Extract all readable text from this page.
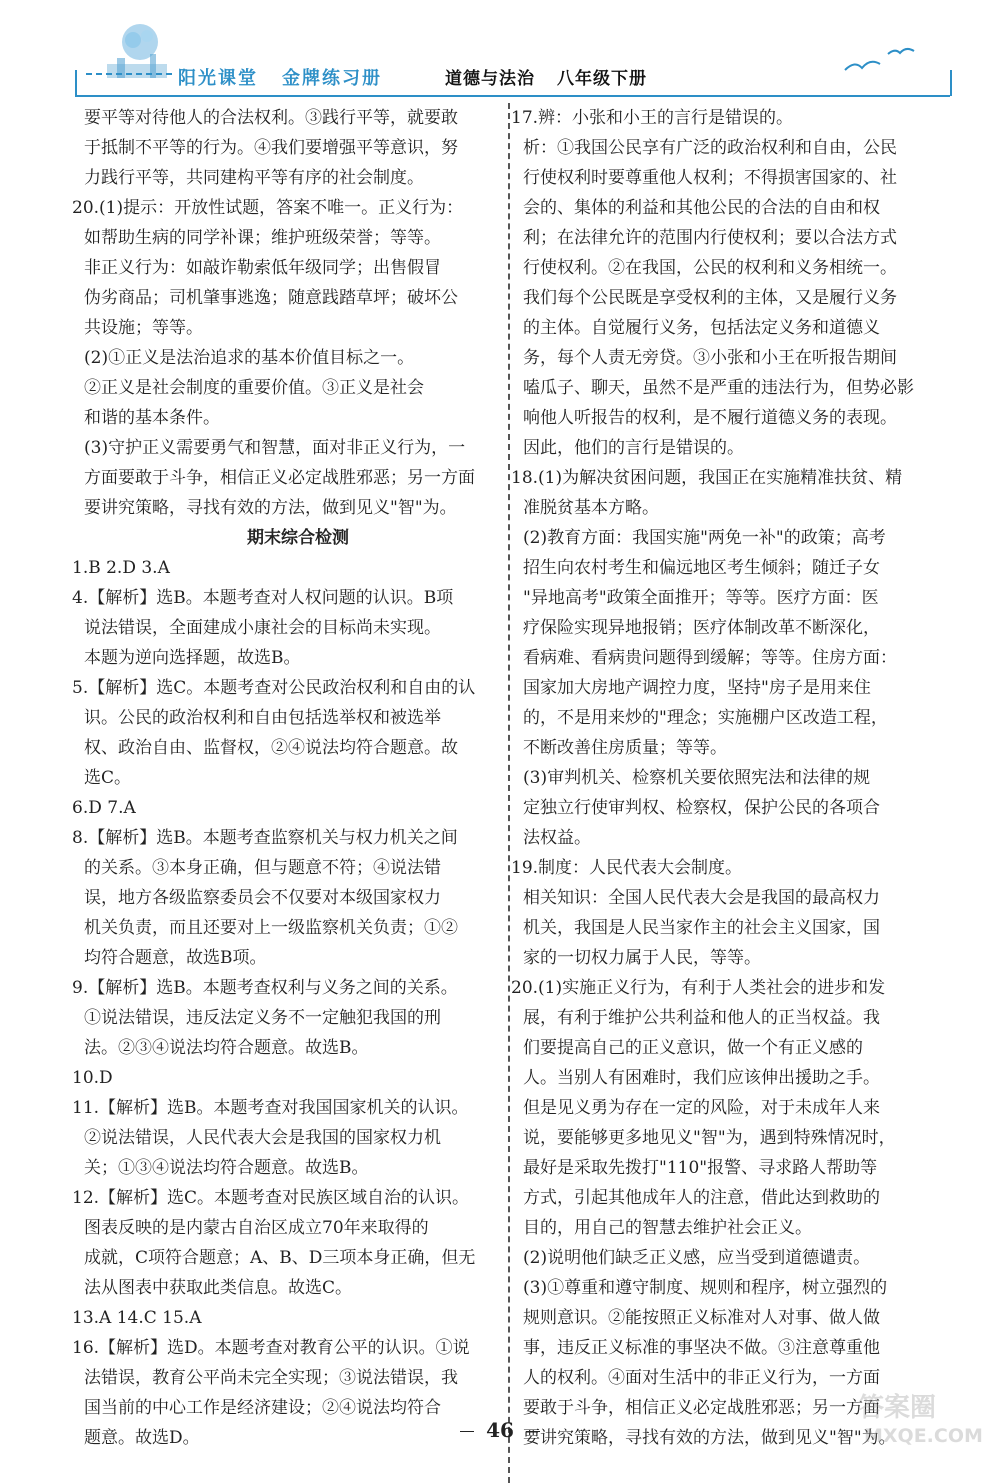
阳光课堂 金牌练习册	道德与法治 八年级下册
要平等对待他人的合法权利。③践行平等，就要敢
于抵制不平等的行为。④我们要增强平等意识，努
力践行平等，共同建构平等有序的社会制度。
20.(1)提示：开放性试题，答案不唯一。正义行为：
如帮助生病的同学补课；维护班级荣誉；等等。
非正义行为：如敲诈勒索低年级同学；出售假冒
伪劣商品；司机肇事逃逸；随意践踏草坪；破坏公
共设施；等等。
(2)①正义是法治追求的基本价值目标之一。
②正义是社会制度的重要价值。③正义是社会
和谐的基本条件。
(3)守护正义需要勇气和智慧，面对非正义行为，一
方面要敢于斗争，相信正义必定战胜邪恶；另一方面
要讲究策略，寻找有效的方法，做到见义"智"为。
期末综合检测
1.B 2.D 3.A
4.【解析】选B。本题考查对人权问题的认识。B项
说法错误，全面建成小康社会的目标尚未实现。
本题为逆向选择题，故选B。
5.【解析】选C。本题考查对公民政治权利和自由的认
识。公民的政治权利和自由包括选举权和被选举
权、政治自由、监督权，②④说法均符合题意。故
选C。
6.D 7.A
8.【解析】选B。本题考查监察机关与权力机关之间
的关系。③本身正确，但与题意不符；④说法错
误，地方各级监察委员会不仅要对本级国家权力
机关负责，而且还要对上一级监察机关负责；①②
均符合题意，故选B项。
9.【解析】选B。本题考查权利与义务之间的关系。
①说法错误，违反法定义务不一定触犯我国的刑
法。②③④说法均符合题意。故选B。
10.D
11.【解析】选B。本题考查对我国国家机关的认识。
②说法错误，人民代表大会是我国的国家权力机
关；①③④说法均符合题意。故选B。
12.【解析】选C。本题考查对民族区域自治的认识。
图表反映的是内蒙古自治区成立70年来取得的
成就，C项符合题意；A、B、D三项本身正确，但无
法从图表中获取此类信息。故选C。
13.A 14.C 15.A
16.【解析】选D。本题考查对教育公平的认识。①说
法错误，教育公平尚未完全实现；③说法错误，我
国当前的中心工作是经济建设；②④说法均符合
题意。故选D。
17.辨：小张和小王的言行是错误的。
析：①我国公民享有广泛的政治权利和自由，公民
行使权利时要尊重他人权利；不得损害国家的、社
会的、集体的利益和其他公民的合法的自由和权
利；在法律允许的范围内行使权利；要以合法方式
行使权利。②在我国，公民的权利和义务相统一。
我们每个公民既是享受权利的主体，又是履行义务
的主体。自觉履行义务，包括法定义务和道德义
务，每个人责无旁贷。③小张和小王在听报告期间
嗑瓜子、聊天，虽然不是严重的违法行为，但势必影
响他人听报告的权利，是不履行道德义务的表现。
因此，他们的言行是错误的。
18.(1)为解决贫困问题，我国正在实施精准扶贫、精
准脱贫基本方略。
(2)教育方面：我国实施"两免一补"的政策；高考
招生向农村考生和偏远地区考生倾斜；随迁子女
"异地高考"政策全面推开；等等。医疗方面：医
疗保险实现异地报销；医疗体制改革不断深化，
看病难、看病贵问题得到缓解；等等。住房方面：
国家加大房地产调控力度，坚持"房子是用来住
的，不是用来炒的"理念；实施棚户区改造工程，
不断改善住房质量；等等。
(3)审判机关、检察机关要依照宪法和法律的规
定独立行使审判权、检察权，保护公民的各项合
法权益。
19.制度：人民代表大会制度。
相关知识：全国人民代表大会是我国的最高权力
机关，我国是人民当家作主的社会主义国家，国
家的一切权力属于人民，等等。
20.(1)实施正义行为，有利于人类社会的进步和发
展，有利于维护公共利益和他人的正当权益。我
们要提高自己的正义意识，做一个有正义感的
人。当别人有困难时，我们应该伸出援助之手。
但是见义勇为存在一定的风险，对于未成年人来
说，要能够更多地见义"智"为，遇到特殊情况时，
最好是采取先拨打"110"报警、寻求路人帮助等
方式，引起其他成年人的注意，借此达到救助的
目的，用自己的智慧去维护社会正义。
(2)说明他们缺乏正义感，应当受到道德谴责。
(3)①尊重和遵守制度、规则和程序，树立强烈的
规则意识。②能按照正义标准对人对事、做人做
事，违反正义标准的事坚决不做。③注意尊重他
人的权利。④面对生活中的非正义行为，一方面
要敢于斗争，相信正义必定战胜邪恶；另一方面
要讲究策略，寻找有效的方法，做到见义"智"为。
46
答案圈
MXQE.COM
